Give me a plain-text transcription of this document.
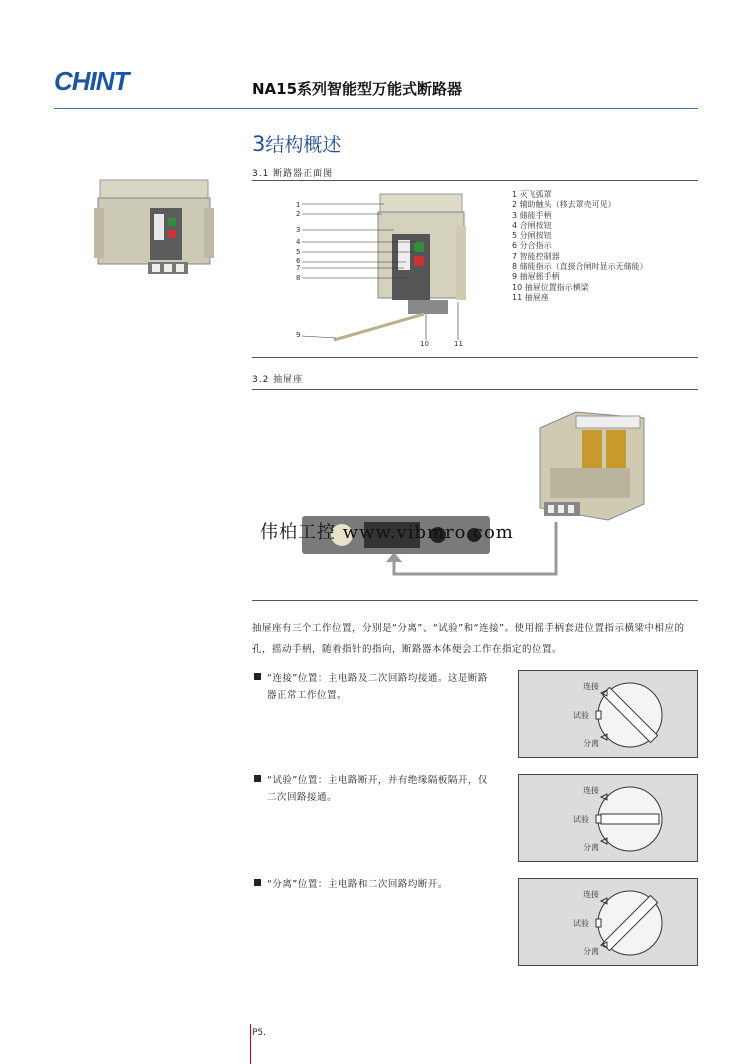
CHINT	NA15系列智能型万能式断路器
3结构概述
3.1 断路器正面图
1
2
3
4
5
6
7
8
9
10	11
1 灭飞弧罩
2 辅助触头（移去罩壳可见）
3 储能手柄
4 合闸按钮
5 分闸按钮
6 分合指示
7 智能控制器
8 储能指示（直接合闸时显示无储能）
9 抽屉摇手柄
10 抽屉位置指示横梁
11 抽屉座
3.2 抽屉座
伟柏工控 www.vibmro.com
抽屉座有三个工作位置，分别是“分离”、“试验”和“连接”。使用摇手柄套进位置指示横梁中相应的孔，摇动手柄，随着指针的指向，断路器本体便会工作在指定的位置。
“连接”位置：主电路及二次回路均接通。这是断路
器正常工作位置。
“试验”位置：主电路断开，并有绝缘隔板隔开，仅
二次回路接通。
“分离”位置：主电路和二次回路均断开。
连接
试验
分离
连接
试验
分离
连接
试验
分离
P5.
